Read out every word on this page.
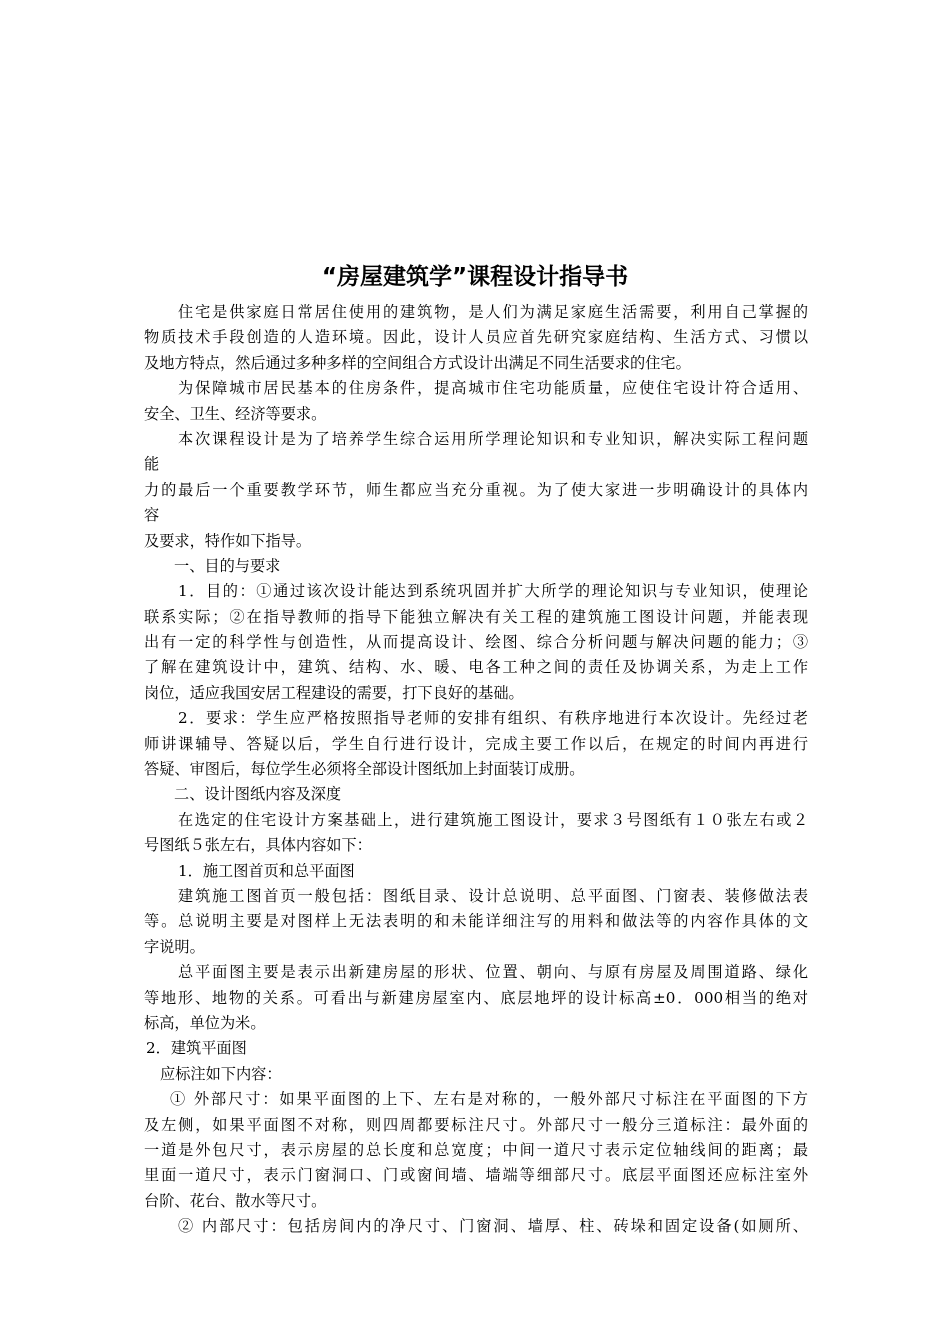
“房屋建筑学”课程设计指导书
住宅是供家庭日常居住使用的建筑物，是人们为满足家庭生活需要，利用自己掌握的
物质技术手段创造的人造环境。因此，设计人员应首先研究家庭结构、生活方式、习惯以
及地方特点，然后通过多种多样的空间组合方式设计出满足不同生活要求的住宅。
为保障城市居民基本的住房条件，提高城市住宅功能质量，应使住宅设计符合适用、
安全、卫生、经济等要求。
本次课程设计是为了培养学生综合运用所学理论知识和专业知识，解决实际工程问题
能
力的最后一个重要教学环节，师生都应当充分重视。为了使大家进一步明确设计的具体内
容
及要求，特作如下指导。
一、目的与要求
1．目的：①通过该次设计能达到系统巩固并扩大所学的理论知识与专业知识，使理论
联系实际；②在指导教师的指导下能独立解决有关工程的建筑施工图设计问题，并能表现
出有一定的科学性与创造性，从而提高设计、绘图、综合分析问题与解决问题的能力；③
了解在建筑设计中，建筑、结构、水、暖、电各工种之间的责任及协调关系，为走上工作
岗位，适应我国安居工程建设的需要，打下良好的基础。
2．要求：学生应严格按照指导老师的安排有组织、有秩序地进行本次设计。先经过老
师讲课辅导、答疑以后，学生自行进行设计，完成主要工作以后，在规定的时间内再进行
答疑、审图后，每位学生必须将全部设计图纸加上封面装订成册。
二、设计图纸内容及深度
在选定的住宅设计方案基础上，进行建筑施工图设计，要求３号图纸有１０张左右或２
号图纸５张左右，具体内容如下：
1．施工图首页和总平面图
建筑施工图首页一般包括：图纸目录、设计总说明、总平面图、门窗表、装修做法表
等。总说明主要是对图样上无法表明的和未能详细注写的用料和做法等的内容作具体的文
字说明。
总平面图主要是表示出新建房屋的形状、位置、朝向、与原有房屋及周围道路、绿化
等地形、地物的关系。可看出与新建房屋室内、底层地坪的设计标高±0．000相当的绝对
标高，单位为米。
2．建筑平面图
应标注如下内容：
① 外部尺寸：如果平面图的上下、左右是对称的，一般外部尺寸标注在平面图的下方
及左侧，如果平面图不对称，则四周都要标注尺寸。外部尺寸一般分三道标注：最外面的
一道是外包尺寸，表示房屋的总长度和总宽度；中间一道尺寸表示定位轴线间的距离；最
里面一道尺寸，表示门窗洞口、门或窗间墙、墙端等细部尺寸。底层平面图还应标注室外
台阶、花台、散水等尺寸。
② 内部尺寸：包括房间内的净尺寸、门窗洞、墙厚、柱、砖垛和固定设备(如厕所、
